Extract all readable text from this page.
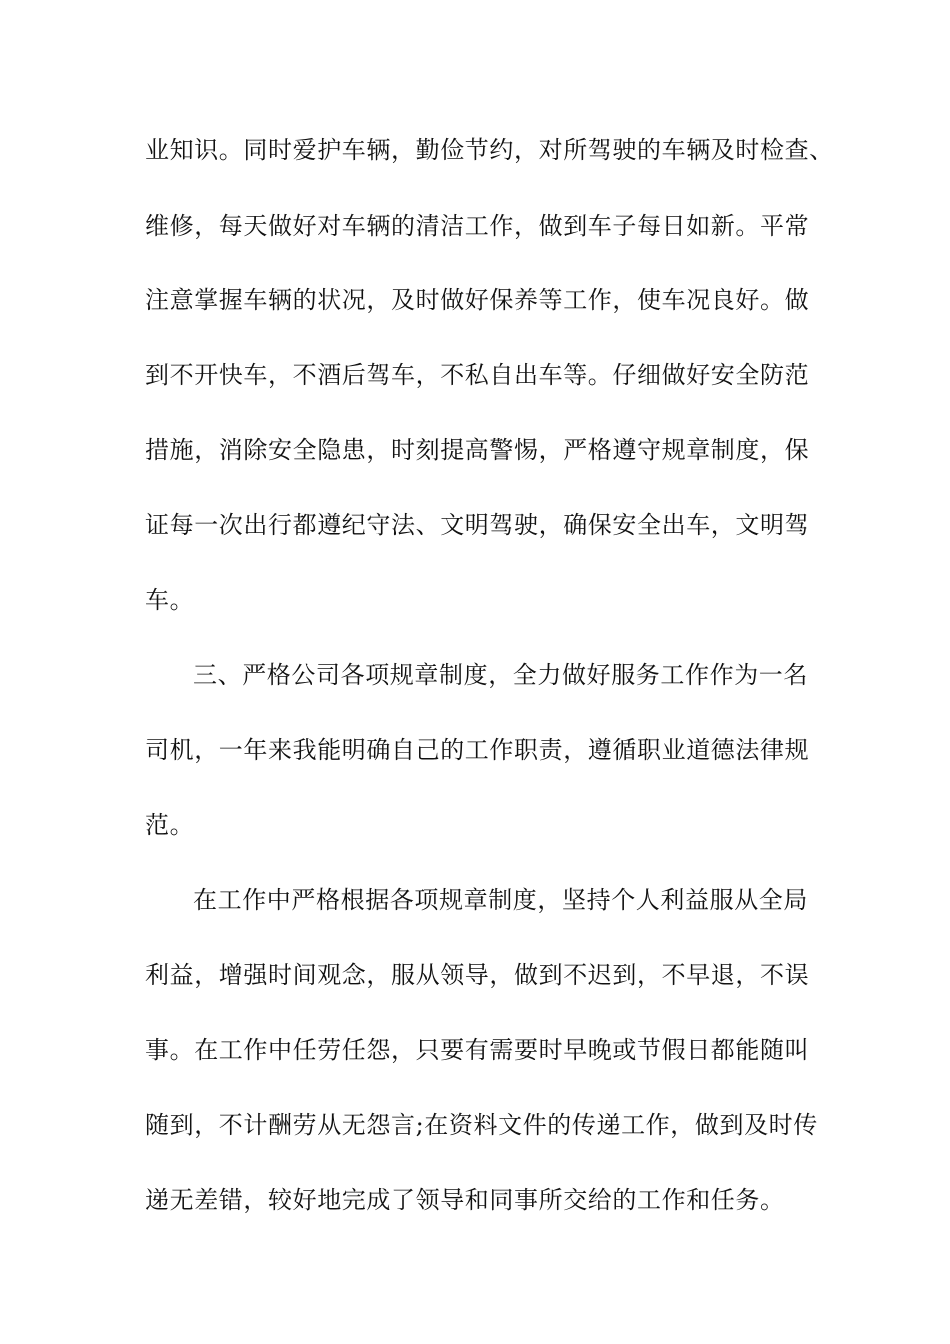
业知识。同时爱护车辆，勤俭节约，对所驾驶的车辆及时检查、
维修，每天做好对车辆的清洁工作，做到车子每日如新。平常
注意掌握车辆的状况，及时做好保养等工作，使车况良好。做
到不开快车，不酒后驾车，不私自出车等。仔细做好安全防范
措施，消除安全隐患，时刻提高警惕，严格遵守规章制度，保
证每一次出行都遵纪守法、文明驾驶，确保安全出车，文明驾
车。
三、严格公司各项规章制度，全力做好服务工作作为一名
司机，一年来我能明确自己的工作职责，遵循职业道德法律规
范。
在工作中严格根据各项规章制度，坚持个人利益服从全局
利益，增强时间观念，服从领导，做到不迟到，不早退，不误
事。在工作中任劳任怨，只要有需要时早晚或节假日都能随叫
随到，不计酬劳从无怨言;在资料文件的传递工作，做到及时传
递无差错，较好地完成了领导和同事所交给的工作和任务。
